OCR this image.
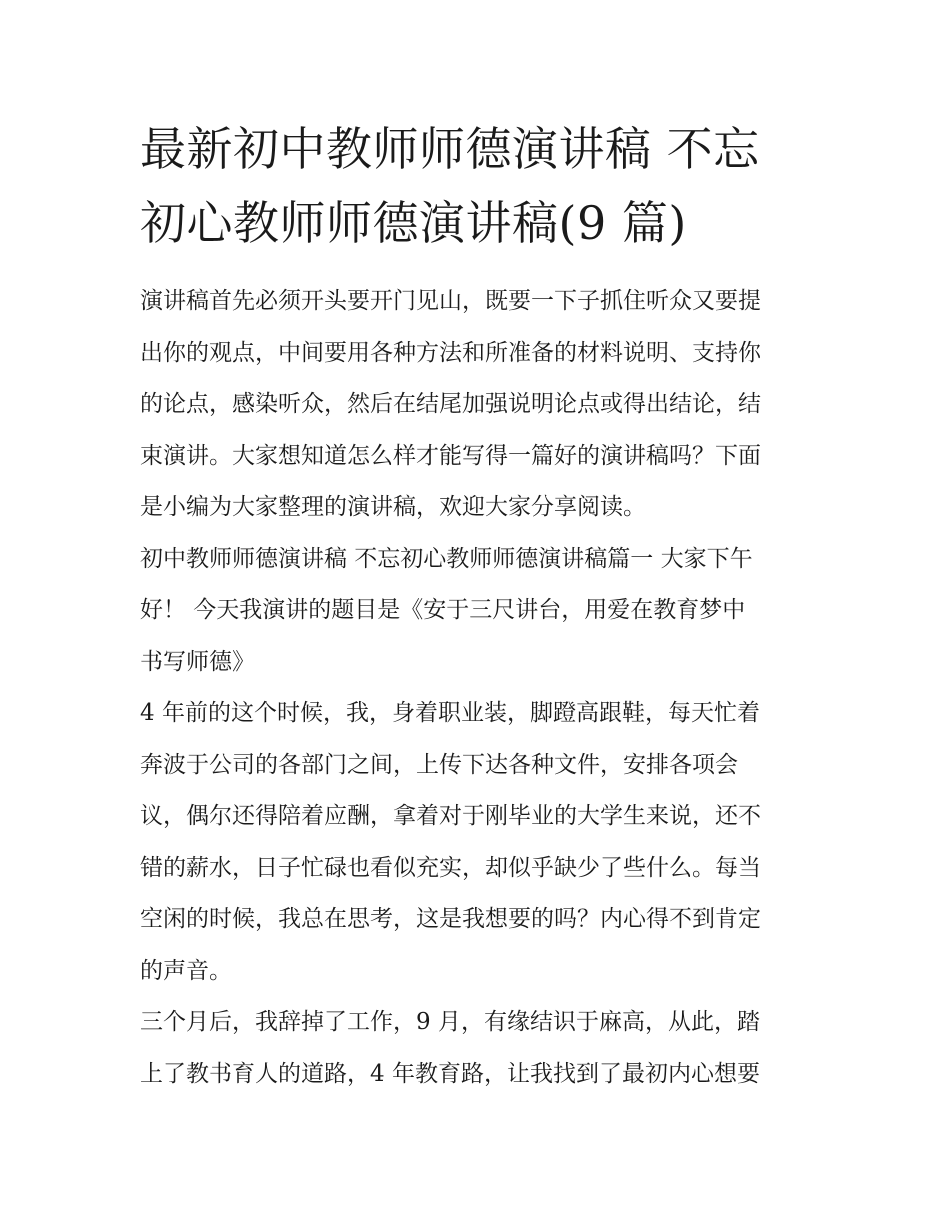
最新初中教师师德演讲稿 不忘
初心教师师德演讲稿(9 篇)

演讲稿首先必须开头要开门见山，既要一下子抓住听众又要提
出你的观点，中间要用各种方法和所准备的材料说明、支持你
的论点，感染听众，然后在结尾加强说明论点或得出结论，结
束演讲。大家想知道怎么样才能写得一篇好的演讲稿吗？下面
是小编为大家整理的演讲稿，欢迎大家分享阅读。

初中教师师德演讲稿 不忘初心教师师德演讲稿篇一 大家下午
好！ 今天我演讲的题目是《安于三尺讲台，用爱在教育梦中
书写师德》

4 年前的这个时候，我，身着职业装，脚蹬高跟鞋，每天忙着
奔波于公司的各部门之间，上传下达各种文件，安排各项会
议，偶尔还得陪着应酬，拿着对于刚毕业的大学生来说，还不
错的薪水，日子忙碌也看似充实，却似乎缺少了些什么。每当
空闲的时候，我总在思考，这是我想要的吗？内心得不到肯定
的声音。

三个月后，我辞掉了工作，9 月，有缘结识于麻高，从此，踏
上了教书育人的道路，4 年教育路，让我找到了最初内心想要
